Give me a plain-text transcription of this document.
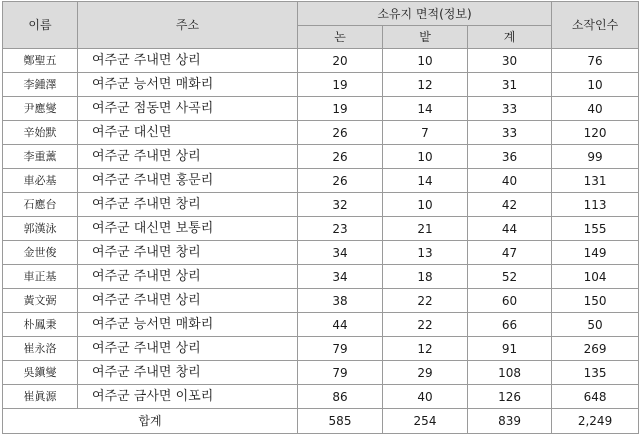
이름	주소	소유지 면적(정보)			소작인수
		논	밭	계	
鄭聖五	여주군 주내면 상리	20	10	30	76
李鍾澤	여주군 능서면 매화리	19	12	31	10
尹應燮	여주군 점동면 사곡리	19	14	33	40
辛始默	여주군 대신면	26	7	33	120
李重薰	여주군 주내면 상리	26	10	36	99
車必基	여주군 주내면 홍문리	26	14	40	131
石應台	여주군 주내면 창리	32	10	42	113
郭漢泳	여주군 대신면 보통리	23	21	44	155
金世俊	여주군 주내면 창리	34	13	47	149
車正基	여주군 주내면 상리	34	18	52	104
黃文弼	여주군 주내면 상리	38	22	60	150
朴鳳秉	여주군 능서면 매화리	44	22	66	50
崔永洛	여주군 주내면 상리	79	12	91	269
吳鎭燮	여주군 주내면 창리	79	29	108	135
崔眞源	여주군 금사면 이포리	86	40	126	648
합계		585	254	839	2,249
